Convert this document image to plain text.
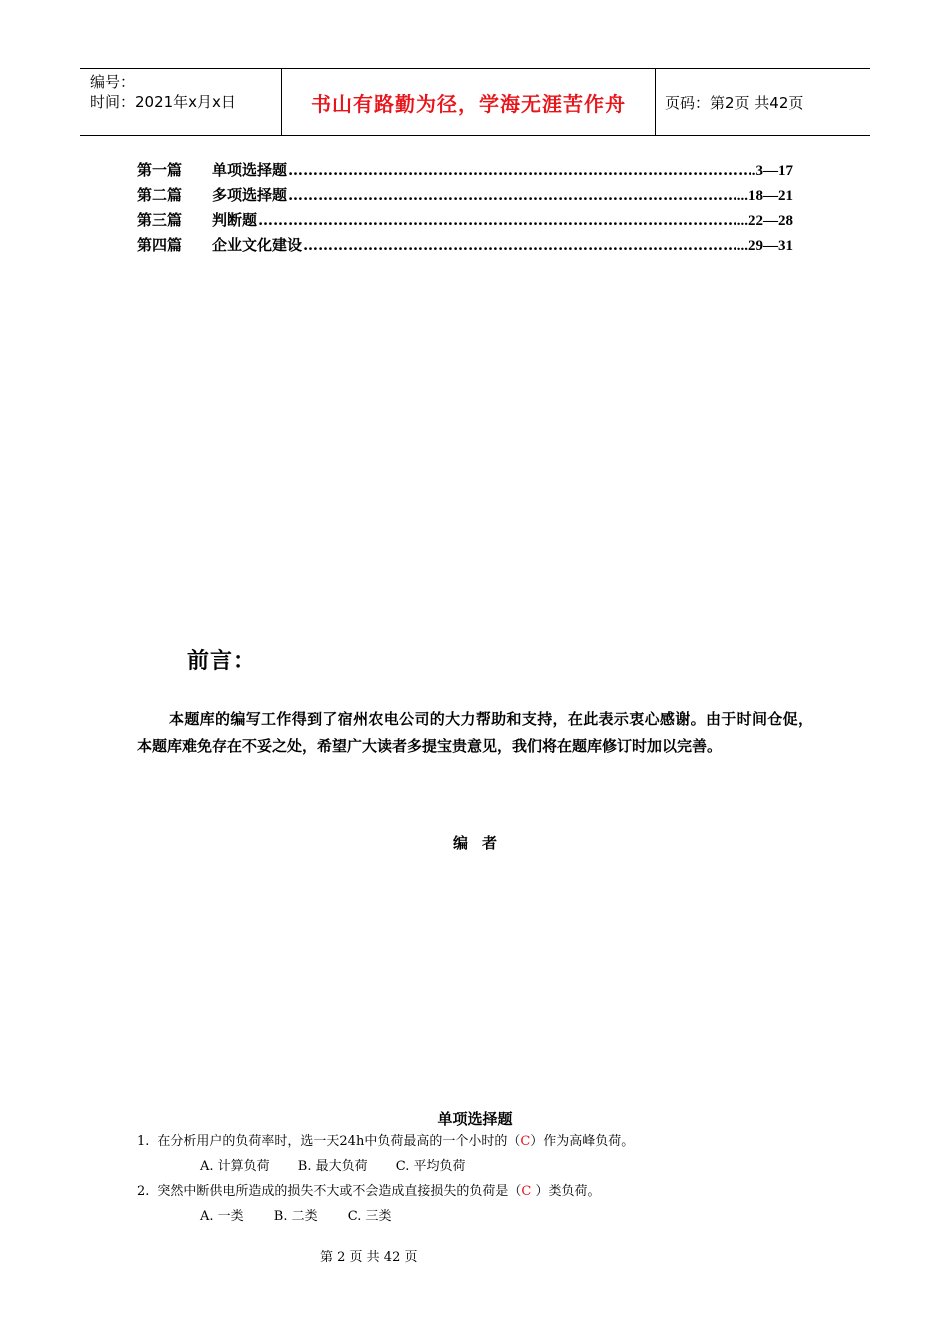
编号：
时间：2021年x月x日	书山有路勤为径，学海无涯苦作舟	页码：第2页 共42页
第一篇	单项选择题 ……………………………………………………………………………………………………………………………………	.3—17
第二篇	多项选择题 ……………………………………………………………………………………………………………………………………	...18—21
第三篇	判断题 ……………………………………………………………………………………………………………………………………	...22—28
第四篇	企业文化建设 ……………………………………………………………………………………………………………………………………	...29—31
前言：

本题库的编写工作得到了宿州农电公司的大力帮助和支持，在此表示衷心感谢。由于时间仓促，本题库难免存在不妥之处，希望广大读者多提宝贵意见，我们将在题库修订时加以完善。

编者
单项选择题
1. 在分析用户的负荷率时，选一天24h中负荷最高的一个小时的（C）作为高峰负荷。
A. 计算负荷 B. 最大负荷 C. 平均负荷
2. 突然中断供电所造成的损失不大或不会造成直接损失的负荷是（C ）类负荷。
A. 一类 B. 二类 C. 三类
第 2 页 共 42 页
